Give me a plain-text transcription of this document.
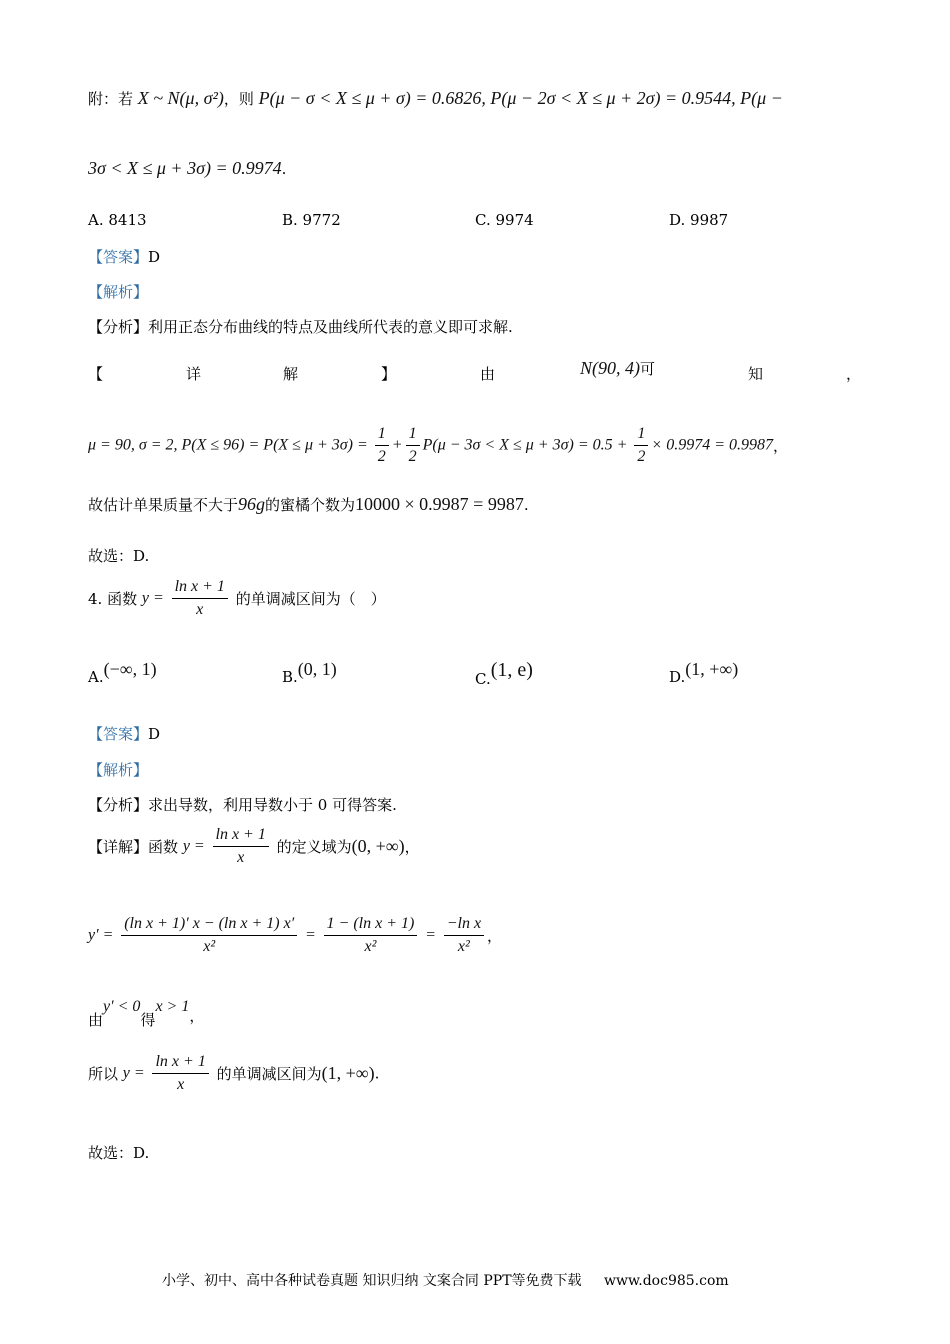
附：若 X ~ N(μ, σ²)，则 P(μ − σ < X ≤ μ + σ) = 0.6826, P(μ − 2σ < X ≤ μ + 2σ) = 0.9544, P(μ −
3σ < X ≤ μ + 3σ) = 0.9974.
A. 8413	B. 9772	C. 9974	D. 9987
【答案】D
【解析】
【分析】利用正态分布曲线的特点及曲线所代表的意义即可求解.
【	详	解	】	由	N(90, 4)可	知	，
μ = 90, σ = 2, $P(X \le 96) = P(X \le \mu + 3\sigma) = \frac{1}{2} + \frac{1}{2} P(\mu - 3\sigma < X \le \mu + 3\sigma) = 0.5 + \frac{1}{2} \times 0.9974 = 0.9987$，
故估计单果质量不大于96g的蜜橘个数为10000 × 0.9987 = 9987.
故选：D.
4. 函数 $y = \frac{\text{ln x + 1}}{x}$ 的单调减区间为（　）
A.(−∞, 1)	B.(0, 1)	C.(1, e)	D.(1, +∞)
【答案】D
【解析】
【分析】求出导数，利用导数小于 0 可得答案.
【详解】函数 $y = \frac{\text{ln x + 1}}{x}$ 的定义域为(0, +∞)，
$y' = \frac{\text{(ln x + 1)′ x − (ln x + 1) x′}}{\text{x²}} = \frac{\text{1 − (ln x + 1)}}{\text{x²}} = \frac{\text{−ln x}}{\text{x²}}$ ，
由y′ < 0得x > 1，
所以 $y = \frac{\text{ln x + 1}}{x}$ 的单调减区间为(1, +∞).
故选：D.
小学、初中、高中各种试卷真题 知识归纳 文案合同 PPT等免费下载 www.doc985.com
